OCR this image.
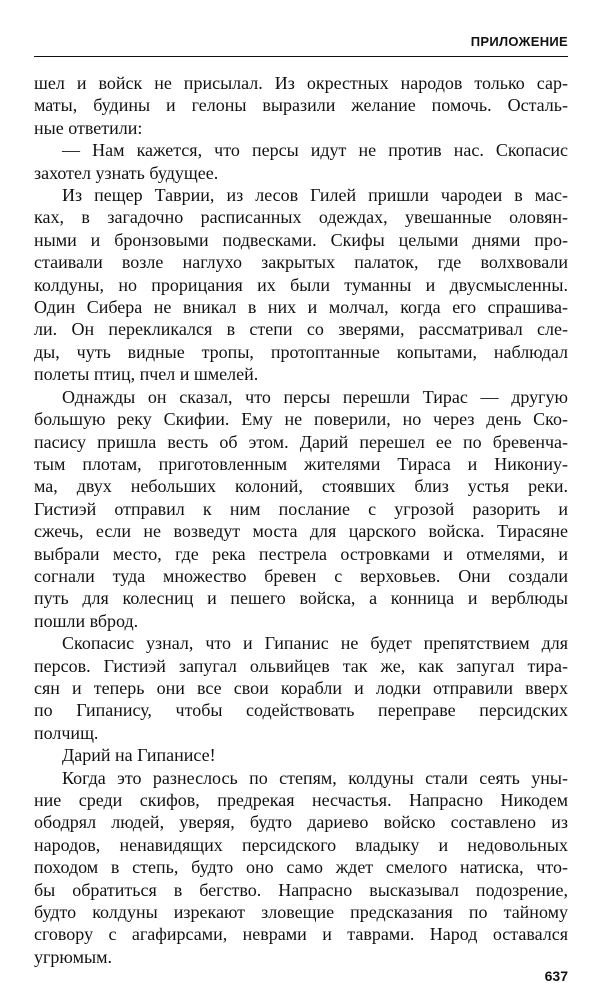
ПРИЛОЖЕНИЕ
шел и войск не присылал. Из окрестных народов только сар-
маты, будины и гелоны выразили желание помочь. Осталь-
ные ответили:
— Нам кажется, что персы идут не против нас. Скопасис
захотел узнать будущее.
Из пещер Таврии, из лесов Гилей пришли чародеи в мас-
ках, в загадочно расписанных одеждах, увешанные оловян-
ными и бронзовыми подвесками. Скифы целыми днями про-
стаивали возле наглухо закрытых палаток, где волхвовали
колдуны, но прорицания их были туманны и двусмысленны.
Один Сибера не вникал в них и молчал, когда его спрашива-
ли. Он перекликался в степи со зверями, рассматривал сле-
ды, чуть видные тропы, протоптанные копытами, наблюдал
полеты птиц, пчел и шмелей.
Однажды он сказал, что персы перешли Тирас — другую
большую реку Скифии. Ему не поверили, но через день Ско-
пасису пришла весть об этом. Дарий перешел ее по бревенча-
тым плотам, приготовленным жителями Тираса и Никониу-
ма, двух небольших колоний, стоявших близ устья реки.
Гистиэй отправил к ним послание с угрозой разорить и
сжечь, если не возведут моста для царского войска. Тирасяне
выбрали место, где река пестрела островками и отмелями, и
согнали туда множество бревен с верховьев. Они создали
путь для колесниц и пешего войска, а конница и верблюды
пошли вброд.
Скопасис узнал, что и Гипанис не будет препятствием для
персов. Гистиэй запугал ольвийцев так же, как запугал тира-
сян и теперь они все свои корабли и лодки отправили вверх
по Гипанису, чтобы содействовать переправе персидских
полчищ.
Дарий на Гипанисе!
Когда это разнеслось по степям, колдуны стали сеять уны-
ние среди скифов, предрекая несчастья. Напрасно Никодем
ободрял людей, уверяя, будто дариево войско составлено из
народов, ненавидящих персидского владыку и недовольных
походом в степь, будто оно само ждет смелого натиска, что-
бы обратиться в бегство. Напрасно высказывал подозрение,
будто колдуны изрекают зловещие предсказания по тайному
сговору с агафирсами, неврами и таврами. Народ оставался
угрюмым.
637
